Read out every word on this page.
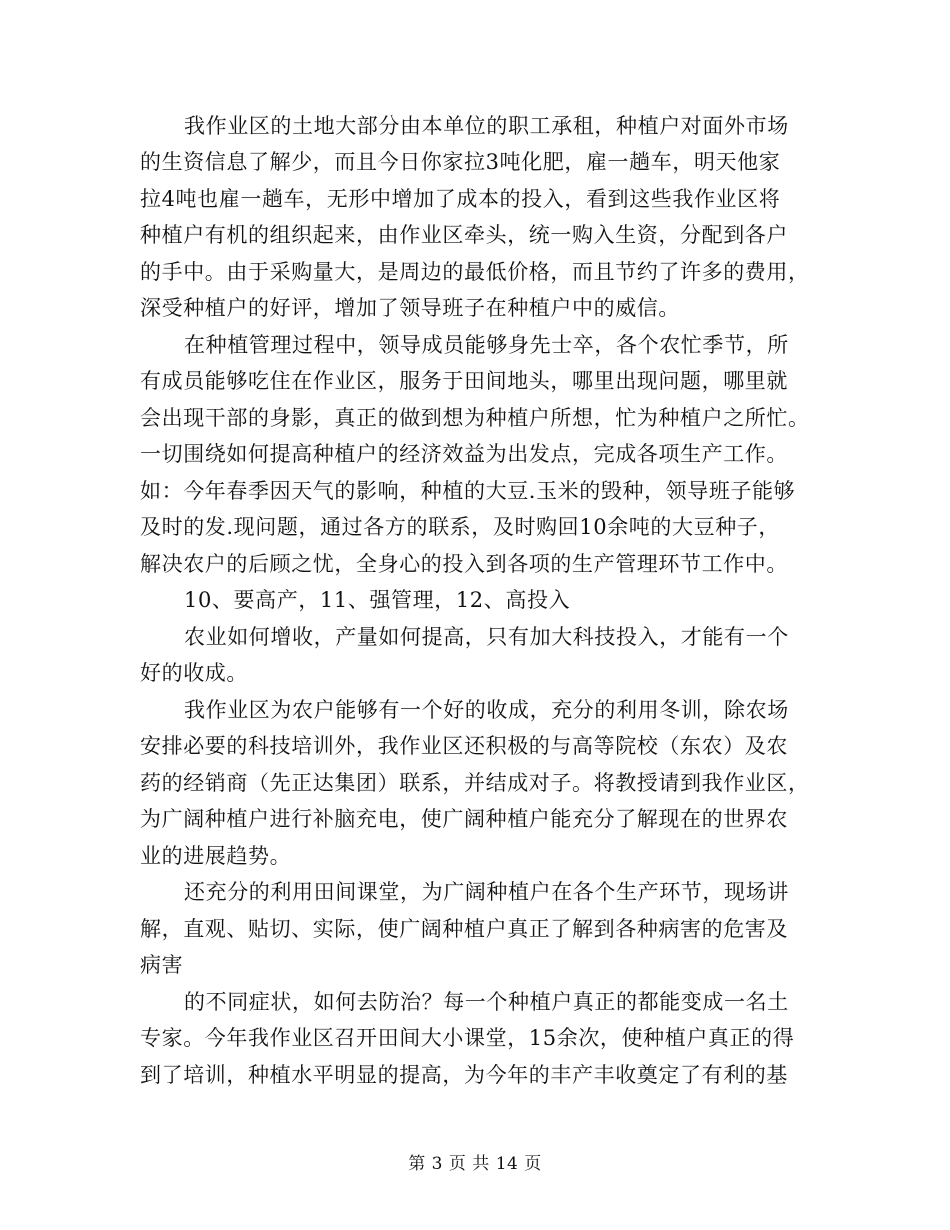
我作业区的土地大部分由本单位的职工承租，种植户对面外市场
的生资信息了解少，而且今日你家拉3吨化肥，雇一趟车，明天他家
拉4吨也雇一趟车，无形中增加了成本的投入，看到这些我作业区将
种植户有机的组织起来，由作业区牵头，统一购入生资，分配到各户
的手中。由于采购量大，是周边的最低价格，而且节约了许多的费用，
深受种植户的好评，增加了领导班子在种植户中的威信。
在种植管理过程中，领导成员能够身先士卒，各个农忙季节，所
有成员能够吃住在作业区，服务于田间地头，哪里出现问题，哪里就
会出现干部的身影，真正的做到想为种植户所想，忙为种植户之所忙。
一切围绕如何提高种植户的经济效益为出发点，完成各项生产工作。
如：今年春季因天气的影响，种植的大豆.玉米的毁种，领导班子能够
及时的发.现问题，通过各方的联系，及时购回10余吨的大豆种子，
解决农户的后顾之忧，全身心的投入到各项的生产管理环节工作中。
10、要高产，11、强管理，12、高投入
农业如何增收，产量如何提高，只有加大科技投入，才能有一个
好的收成。
我作业区为农户能够有一个好的收成，充分的利用冬训，除农场
安排必要的科技培训外，我作业区还积极的与高等院校（东农）及农
药的经销商（先正达集团）联系，并结成对子。将教授请到我作业区，
为广阔种植户进行补脑充电，使广阔种植户能充分了解现在的世界农
业的进展趋势。
还充分的利用田间课堂，为广阔种植户在各个生产环节，现场讲
解，直观、贴切、实际，使广阔种植户真正了解到各种病害的危害及
病害
的不同症状，如何去防治？每一个种植户真正的都能变成一名土
专家。今年我作业区召开田间大小课堂，15余次，使种植户真正的得
到了培训，种植水平明显的提高，为今年的丰产丰收奠定了有利的基
第 3 页 共 14 页
